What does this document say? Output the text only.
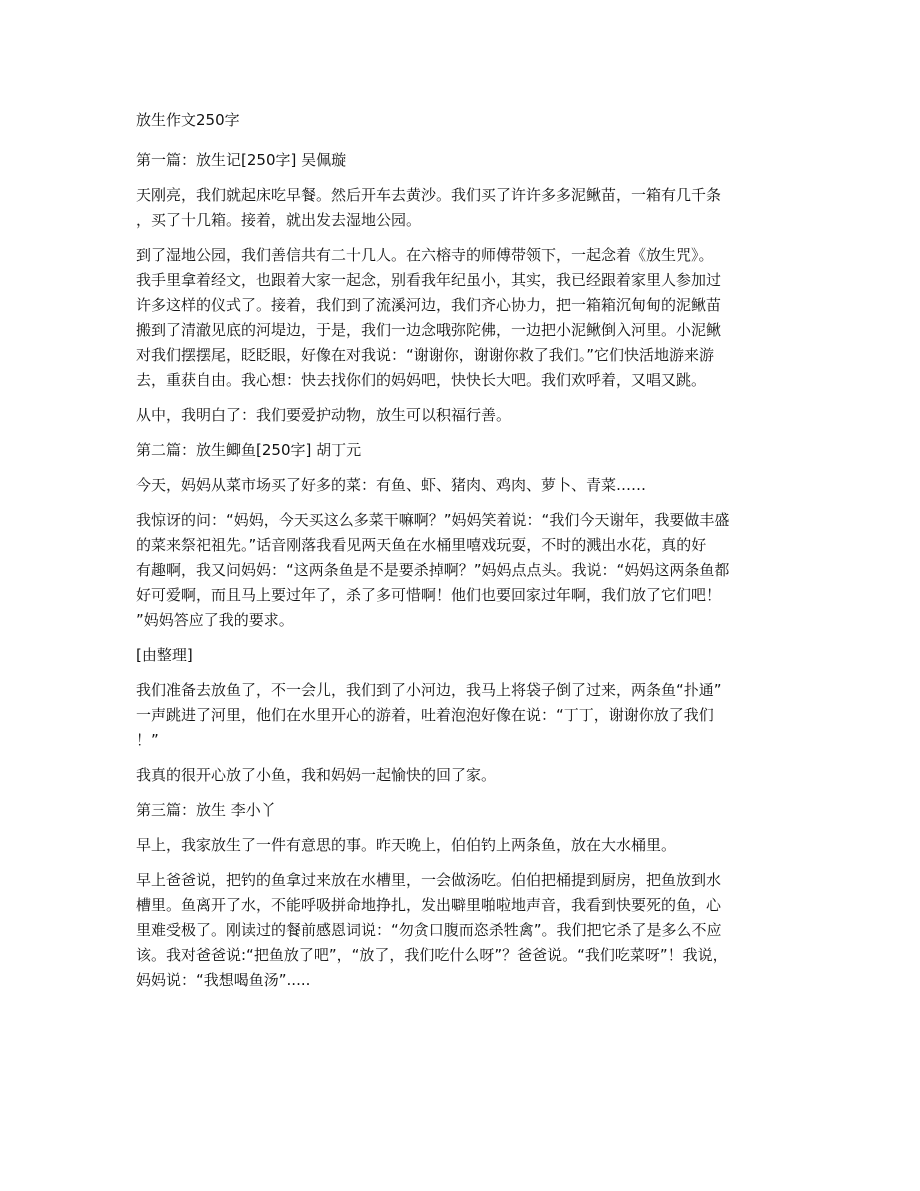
放生作文250字

第一篇：放生记[250字] 吴佩璇

天刚亮，我们就起床吃早餐。然后开车去黄沙。我们买了许许多多泥鳅苗，一箱有几千条
，买了十几箱。接着，就出发去湿地公园。

到了湿地公园，我们善信共有二十几人。在六榕寺的师傅带领下，一起念着《放生咒》。
我手里拿着经文，也跟着大家一起念，别看我年纪虽小，其实，我已经跟着家里人参加过
许多这样的仪式了。接着，我们到了流溪河边，我们齐心协力，把一箱箱沉甸甸的泥鳅苗
搬到了清澈见底的河堤边，于是，我们一边念哦弥陀佛，一边把小泥鳅倒入河里。小泥鳅
对我们摆摆尾，眨眨眼，好像在对我说：“谢谢你，谢谢你救了我们。”它们快活地游来游
去，重获自由。我心想：快去找你们的妈妈吧，快快长大吧。我们欢呼着，又唱又跳。

从中，我明白了：我们要爱护动物，放生可以积福行善。

第二篇：放生鲫鱼[250字] 胡丁元

今天，妈妈从菜市场买了好多的菜：有鱼、虾、猪肉、鸡肉、萝卜、青菜……

我惊讶的问：“妈妈，今天买这么多菜干嘛啊？”妈妈笑着说：“我们今天谢年，我要做丰盛
的菜来祭祀祖先。”话音刚落我看见两天鱼在水桶里嘻戏玩耍，不时的溅出水花，真的好
有趣啊，我又问妈妈：“这两条鱼是不是要杀掉啊？”妈妈点点头。我说：“妈妈这两条鱼都
好可爱啊，而且马上要过年了，杀了多可惜啊！他们也要回家过年啊，我们放了它们吧！
”妈妈答应了我的要求。

[由整理]

我们准备去放鱼了，不一会儿，我们到了小河边，我马上将袋子倒了过来，两条鱼“扑通”
一声跳进了河里，他们在水里开心的游着，吐着泡泡好像在说：“丁丁，谢谢你放了我们
！”

我真的很开心放了小鱼，我和妈妈一起愉快的回了家。

第三篇：放生 李小丫

早上，我家放生了一件有意思的事。昨天晚上，伯伯钓上两条鱼，放在大水桶里。

早上爸爸说，把钓的鱼拿过来放在水槽里，一会做汤吃。伯伯把桶提到厨房，把鱼放到水
槽里。鱼离开了水，不能呼吸拼命地挣扎，发出噼里啪啦地声音，我看到快要死的鱼，心
里难受极了。刚读过的餐前感恩词说：“勿贪口腹而恣杀牲禽”。我们把它杀了是多么不应
该。我对爸爸说:“把鱼放了吧”，“放了，我们吃什么呀”？爸爸说。“我们吃菜呀”！我说，
妈妈说：“我想喝鱼汤”.....
